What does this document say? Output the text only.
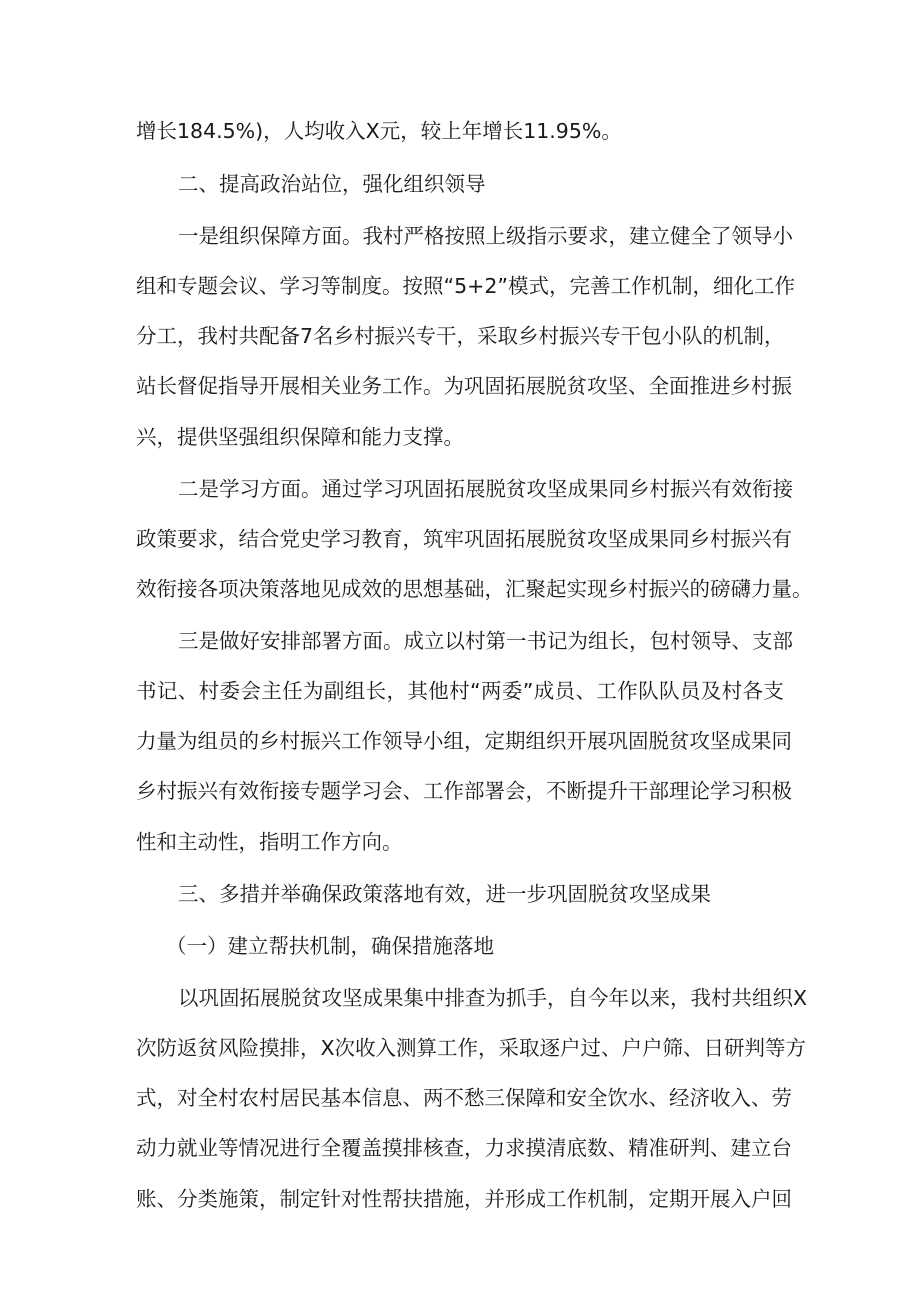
增长184.5%)，人均收入X元，较上年增长11.95%。
二、提高政治站位，强化组织领导
一 是 组 织 保 障 方 面 。 我 村 严 格 按 照 上 级 指 示 要 求 ， 建 立 健 全 了 领 导 小
组 和 专 题 会 议 、 学 习 等 制 度 。 按 照 “ 5+2 ” 模 式 ， 完 善 工 作 机 制 ， 细 化 工 作
分 工 ， 我 村 共 配 备 7 名 乡 村 振 兴 专 干 ， 采 取 乡 村 振 兴 专 干 包 小 队 的 机 制 ，
站 长 督 促 指 导 开 展 相 关 业 务 工 作 。 为 巩 固 拓 展 脱 贫 攻 坚 、 全 面 推 进 乡 村 振
兴，提供坚强组织保障和能力支撑。
二 是 学 习 方 面 。 通 过 学 习 巩 固 拓 展 脱 贫 攻 坚 成 果 同 乡 村 振 兴 有 效 衔 接
政 策 要 求 ， 结 合 党 史 学 习 教 育 ， 筑 牢 巩 固 拓 展 脱 贫 攻 坚 成 果 同 乡 村 振 兴 有
效 衔 接 各 项 决 策 落 地 见 成 效 的 思 想 基 础 ， 汇 聚 起 实 现 乡 村 振 兴 的 磅 礴 力 量 。
三 是 做 好 安 排 部 署 方 面 。 成 立 以 村 第 一 书 记 为 组 长 ， 包 村 领 导 、 支 部
书 记 、 村 委 会 主 任 为 副 组 长 ， 其 他 村 “ 两 委 ” 成 员 、 工 作 队 队 员 及 村 各 支
力 量 为 组 员 的 乡 村 振 兴 工 作 领 导 小 组 ， 定 期 组 织 开 展 巩 固 脱 贫 攻 坚 成 果 同
乡 村 振 兴 有 效 衔 接 专 题 学 习 会 、 工 作 部 署 会 ， 不 断 提 升 干 部 理 论 学 习 积 极
性和主动性，指明工作方向。
三、多措并举确保政策落地有效，进一步巩固脱贫攻坚成果
（一）建立帮扶机制，确保措施落地
以 巩 固 拓 展 脱 贫 攻 坚 成 果 集 中 排 查 为 抓 手 ， 自 今 年 以 来 ， 我 村 共 组 织 X
次 防 返 贫 风 险 摸 排 ， X 次 收 入 测 算 工 作 ， 采 取 逐 户 过 、 户 户 筛 、 日 研 判 等 方
式 ， 对 全 村 农 村 居 民 基 本 信 息 、 两 不 愁 三 保 障 和 安 全 饮 水 、 经 济 收 入 、 劳
动 力 就 业 等 情 况 进 行 全 覆 盖 摸 排 核 查 ， 力 求 摸 清 底 数 、 精 准 研 判 、 建 立 台
账 、 分 类 施 策 ， 制 定 针 对 性 帮 扶 措 施 ， 并 形 成 工 作 机 制 ， 定 期 开 展 入 户 回
